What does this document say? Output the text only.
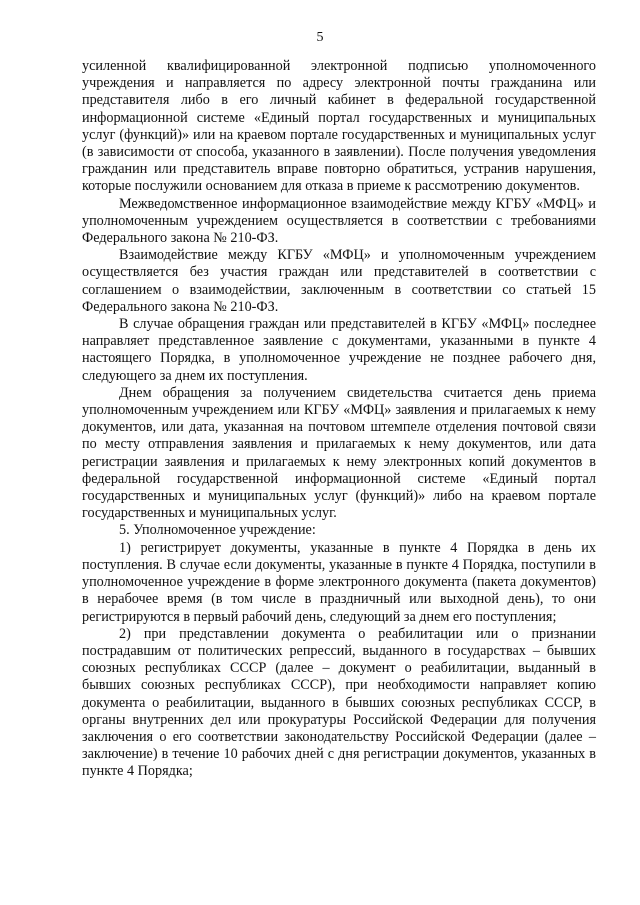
5

усиленной квалифицированной электронной подписью уполномоченного учреждения и направляется по адресу электронной почты гражданина или представителя либо в его личный кабинет в федеральной государственной информационной системе «Единый портал государственных и муниципальных услуг (функций)» или на краевом портале государственных и муниципальных услуг (в зависимости от способа, указанного в заявлении). После получения уведомления гражданин или представитель вправе повторно обратиться, устранив нарушения, которые послужили основанием для отказа в приеме к рассмотрению документов.

Межведомственное информационное взаимодействие между КГБУ «МФЦ» и уполномоченным учреждением осуществляется в соответствии с требованиями Федерального закона № 210-ФЗ.

Взаимодействие между КГБУ «МФЦ» и уполномоченным учреждением осуществляется без участия граждан или представителей в соответствии с соглашением о взаимодействии, заключенным в соответствии со статьей 15 Федерального закона № 210-ФЗ.

В случае обращения граждан или представителей в КГБУ «МФЦ» последнее направляет представленное заявление с документами, указанными в пункте 4 настоящего Порядка, в уполномоченное учреждение не позднее рабочего дня, следующего за днем их поступления.

Днем обращения за получением свидетельства считается день приема уполномоченным учреждением или КГБУ «МФЦ» заявления и прилагаемых к нему документов, или дата, указанная на почтовом штемпеле отделения почтовой связи по месту отправления заявления и прилагаемых к нему документов, или дата регистрации заявления и прилагаемых к нему электронных копий документов в федеральной государственной информационной системе «Единый портал государственных и муниципальных услуг (функций)» либо на краевом портале государственных и муниципальных услуг.

5. Уполномоченное учреждение:

1) регистрирует документы, указанные в пункте 4 Порядка в день их поступления. В случае если документы, указанные в пункте 4 Порядка, поступили в уполномоченное учреждение в форме электронного документа (пакета документов) в нерабочее время (в том числе в праздничный или выходной день), то они регистрируются в первый рабочий день, следующий за днем его поступления;

2) при представлении документа о реабилитации или о признании пострадавшим от политических репрессий, выданного в государствах – бывших союзных республиках СССР (далее – документ о реабилитации, выданный в бывших союзных республиках СССР), при необходимости направляет копию документа о реабилитации, выданного в бывших союзных республиках СССР, в органы внутренних дел или прокуратуры Российской Федерации для получения заключения о его соответствии законодательству Российской Федерации (далее – заключение) в течение 10 рабочих дней с дня регистрации документов, указанных в пункте 4 Порядка;
